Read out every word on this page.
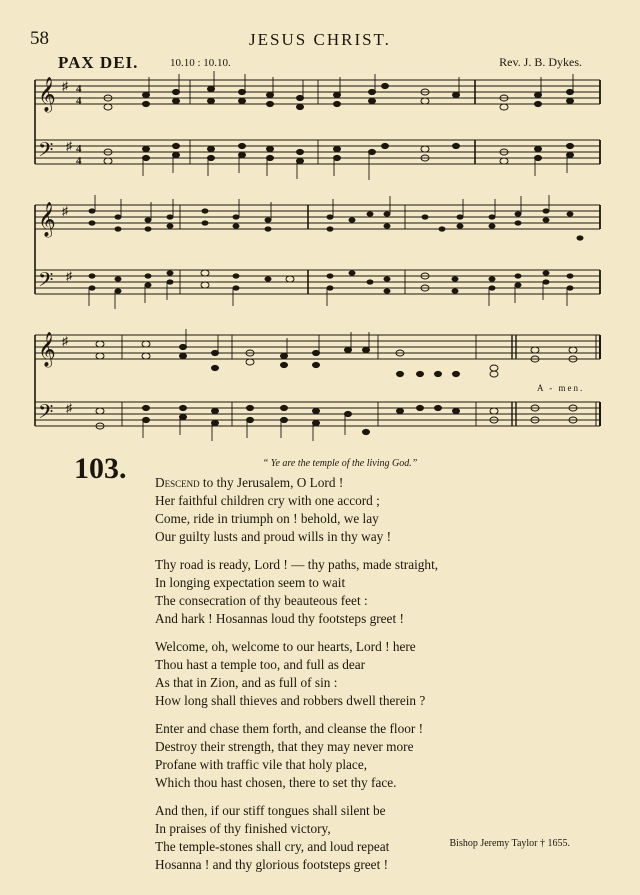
58	JESUS CHRIST.
PAX DEI.	10.10 : 10.10.	Rev. J. B. Dykes.
𝄞
𝄢
♯
♯
4
4
4
4
𝄞
𝄢
♯
♯
𝄞
𝄢
♯
♯
A - men.
103.	“ Ye are the temple of the living God.”
Descend to thy Jerusalem, O Lord !
Her faithful children cry with one accord ;
Come, ride in triumph on ! behold, we lay
Our guilty lusts and proud wills in thy way !
Thy road is ready, Lord ! — thy paths, made straight,
In longing expectation seem to wait
The consecration of thy beauteous feet :
And hark ! Hosannas loud thy footsteps greet !
Welcome, oh, welcome to our hearts, Lord ! here
Thou hast a temple too, and full as dear
As that in Zion, and as full of sin :
How long shall thieves and robbers dwell therein ?
Enter and chase them forth, and cleanse the floor !
Destroy their strength, that they may never more
Profane with traffic vile that holy place,
Which thou hast chosen, there to set thy face.
And then, if our stiff tongues shall silent be
In praises of thy finished victory,
The temple-stones shall cry, and loud repeat
Hosanna ! and thy glorious footsteps greet !
Bishop Jeremy Taylor † 1655.
